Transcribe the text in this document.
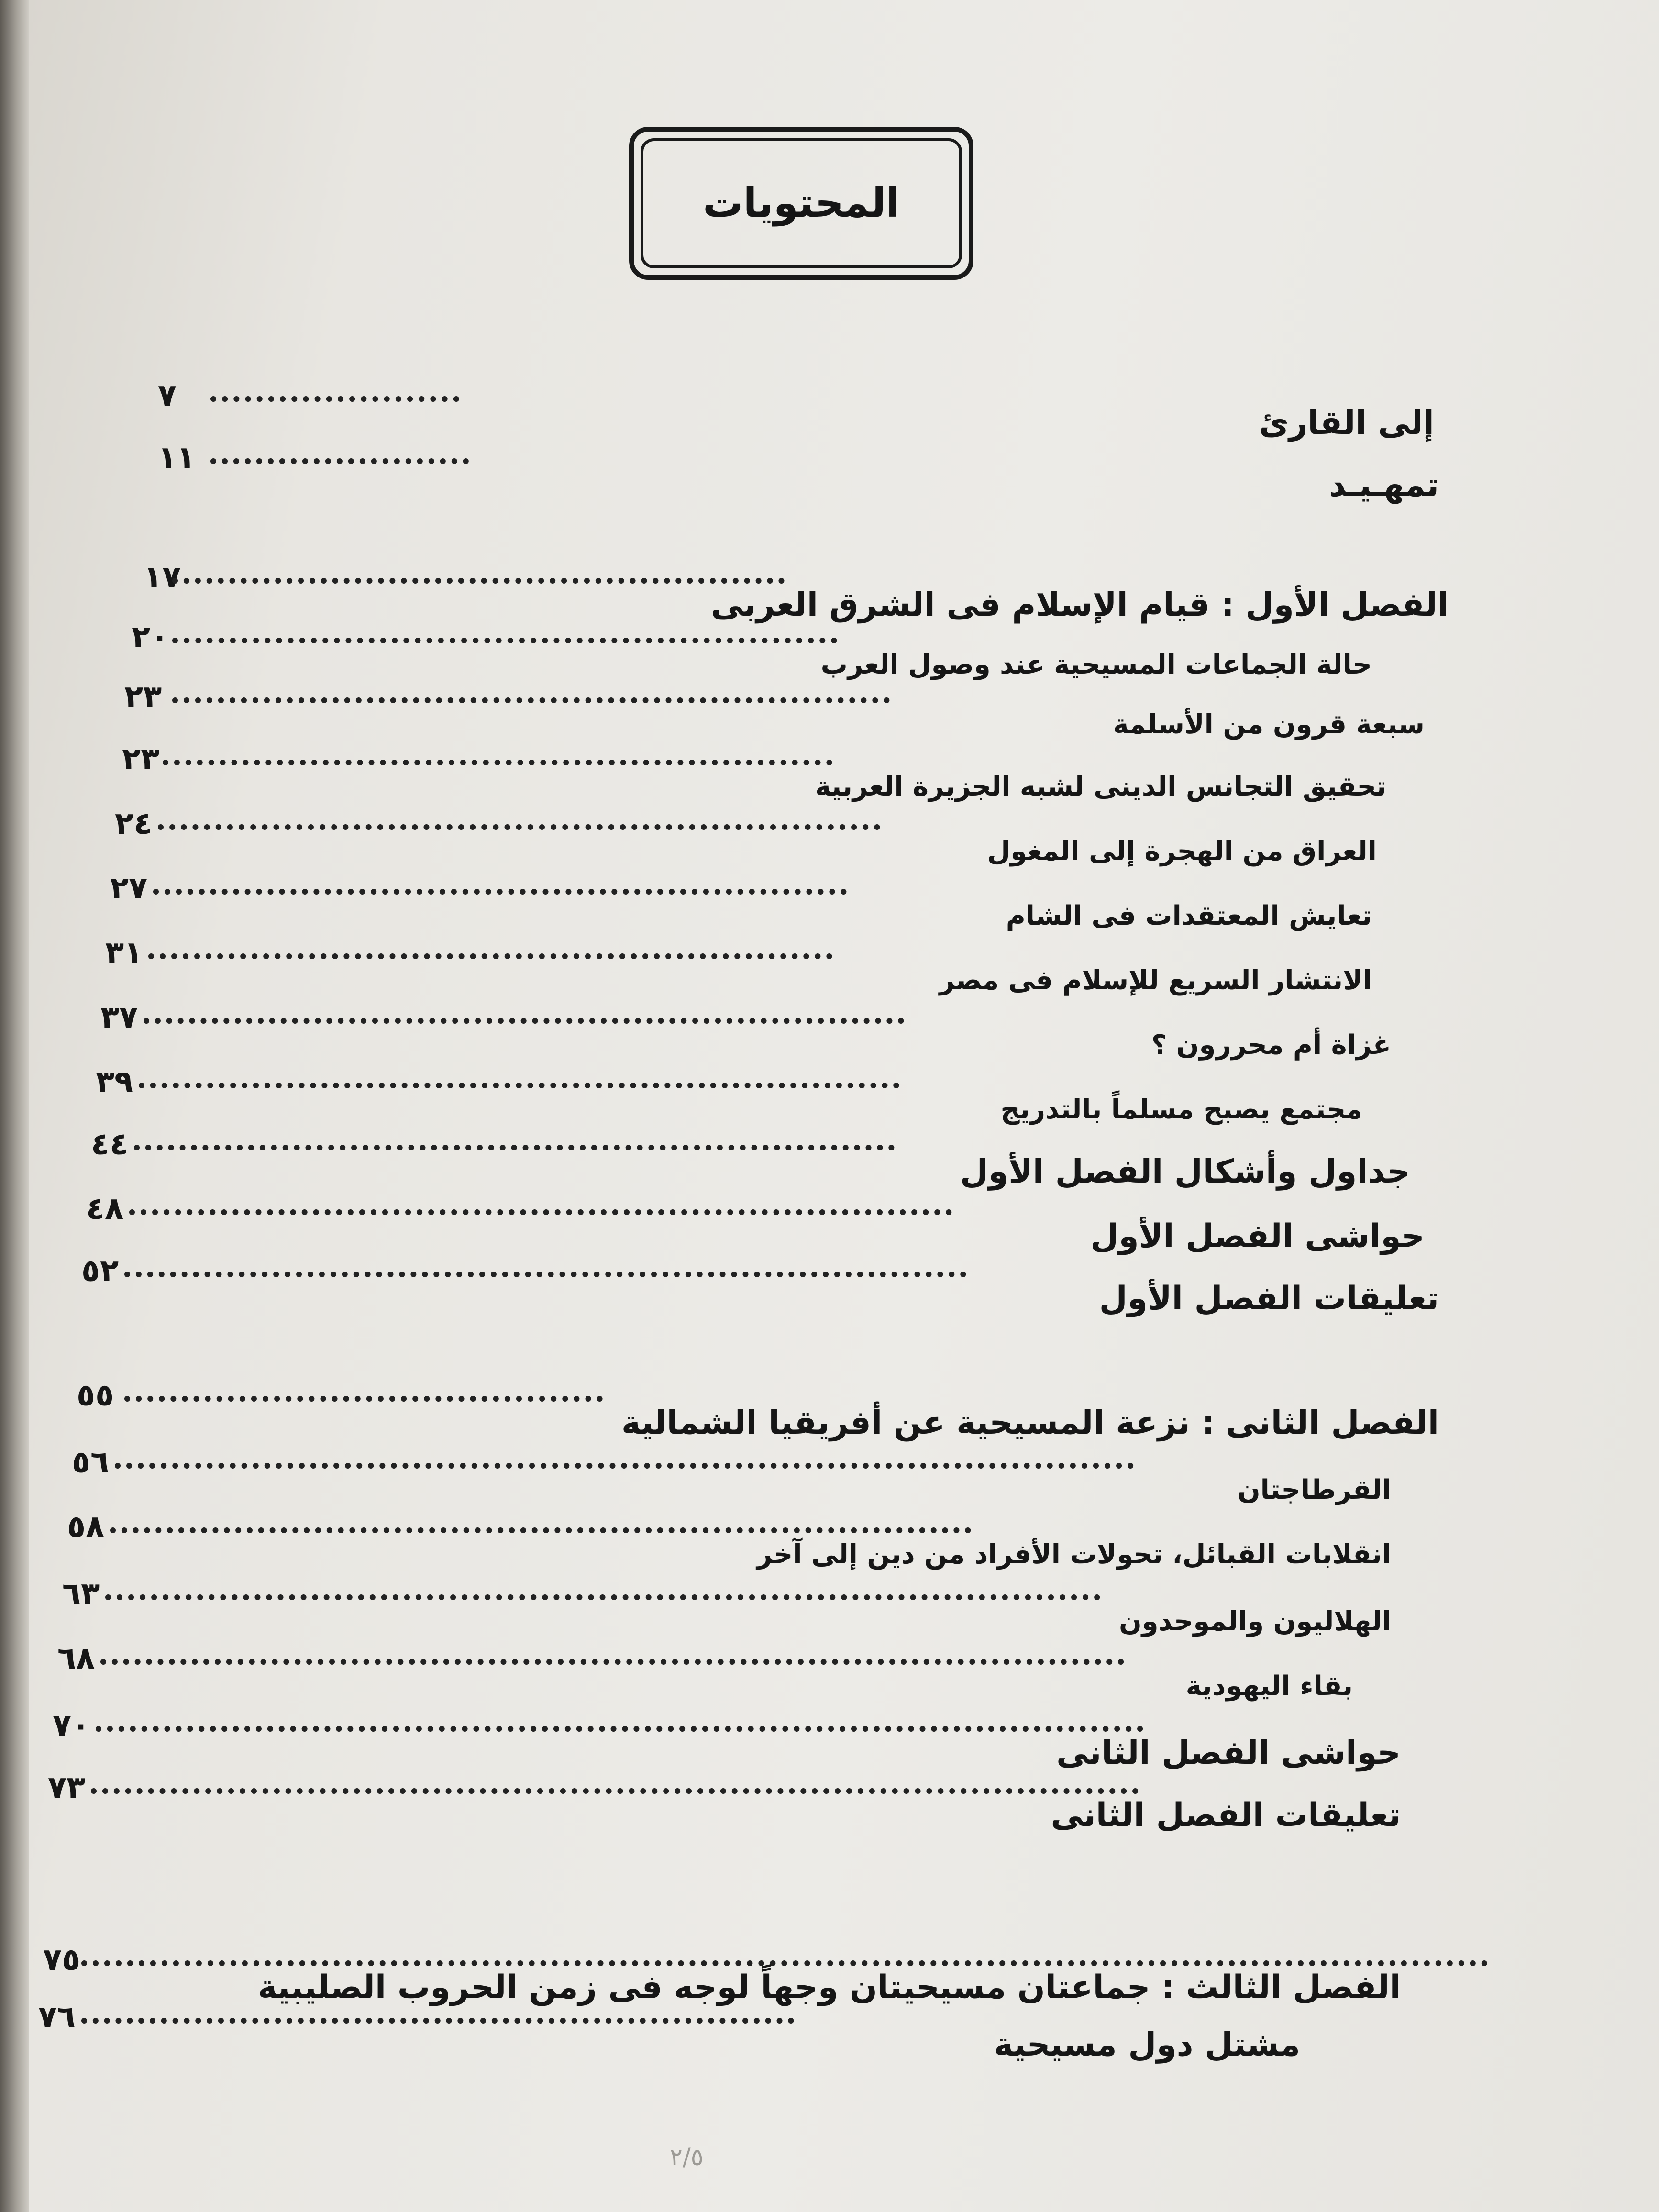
المحتويات
٧
إلى القارئ
١١
تمهـيـد
١٧
الفصل الأول : قيام الإسلام فى الشرق العربى
٢٠
حالة الجماعات المسيحية عند وصول العرب
٢٣
سبعة قرون من الأسلمة
٢٣
تحقيق التجانس الدينى لشبه الجزيرة العربية
٢٤
العراق من الهجرة إلى المغول
٢٧
تعايش المعتقدات فى الشام
٣١
الانتشار السريع للإسلام فى مصر
٣٧
غزاة أم محررون ؟
٣٩
مجتمع يصبح مسلماً بالتدريج
٤٤
جداول وأشكال الفصل الأول
٤٨
حواشى الفصل الأول
٥٢
تعليقات الفصل الأول
٥٥
الفصل الثانى : نزعة المسيحية عن أفريقيا الشمالية
٥٦
القرطاجتان
٥٨
انقلابات القبائل، تحولات الأفراد من دين إلى آخر
٦٣
الهلاليون والموحدون
٦٨
بقاء اليهودية
٧٠
حواشى الفصل الثانى
٧٣
تعليقات الفصل الثانى
٧٥
الفصل الثالث : جماعتان مسيحيتان وجهاً لوجه فى زمن الحروب الصليبية
٧٦
مشتل دول مسيحية
٢/٥
